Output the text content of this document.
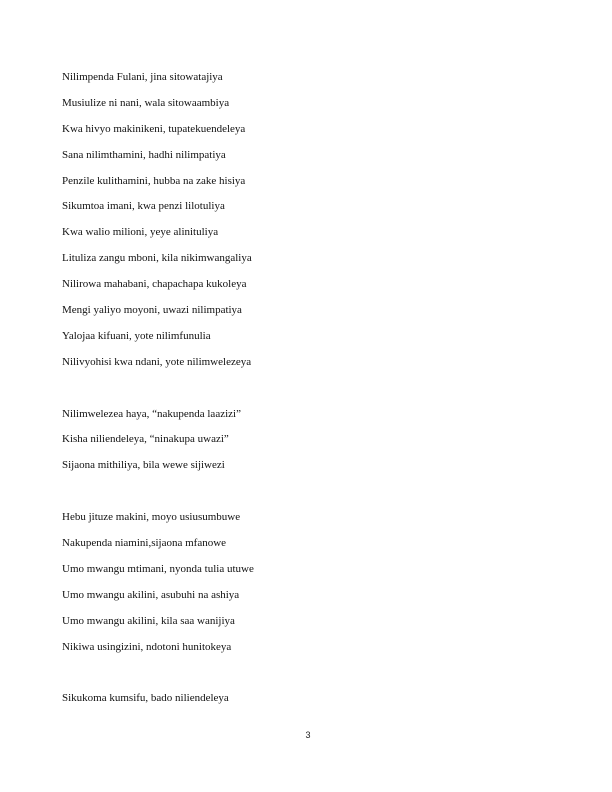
Nilimpenda Fulani, jina sitowatajiya
Musiulize ni nani, wala sitowaambiya
Kwa hivyo makinikeni, tupatekuendeleya
Sana nilimthamini, hadhi nilimpatiya
Penzile kulithamini, hubba na zake hisiya
Sikumtoa imani, kwa penzi lilotuliya
Kwa walio milioni, yeye alinituliya
Lituliza zangu mboni, kila nikimwangaliya
Nilirowa mahabani, chapachapa kukoleya
Mengi yaliyo moyoni, uwazi nilimpatiya
Yalojaa kifuani, yote nilimfunulia
Nilivyohisi kwa ndani, yote nilimwelezeya
Nilimwelezea haya, “nakupenda laazizi”
Kisha niliendeleya, “ninakupa uwazi”
Sijaona mithiliya, bila wewe sijiwezi
Hebu jituze makini, moyo usiusumbuwe
Nakupenda niamini,sijaona mfanowe
Umo mwangu mtimani, nyonda tulia utuwe
Umo mwangu akilini, asubuhi na ashiya
Umo mwangu akilini, kila saa wanijiya
Nikiwa usingizini, ndotoni hunitokeya
Sikukoma kumsifu, bado niliendeleya
3
